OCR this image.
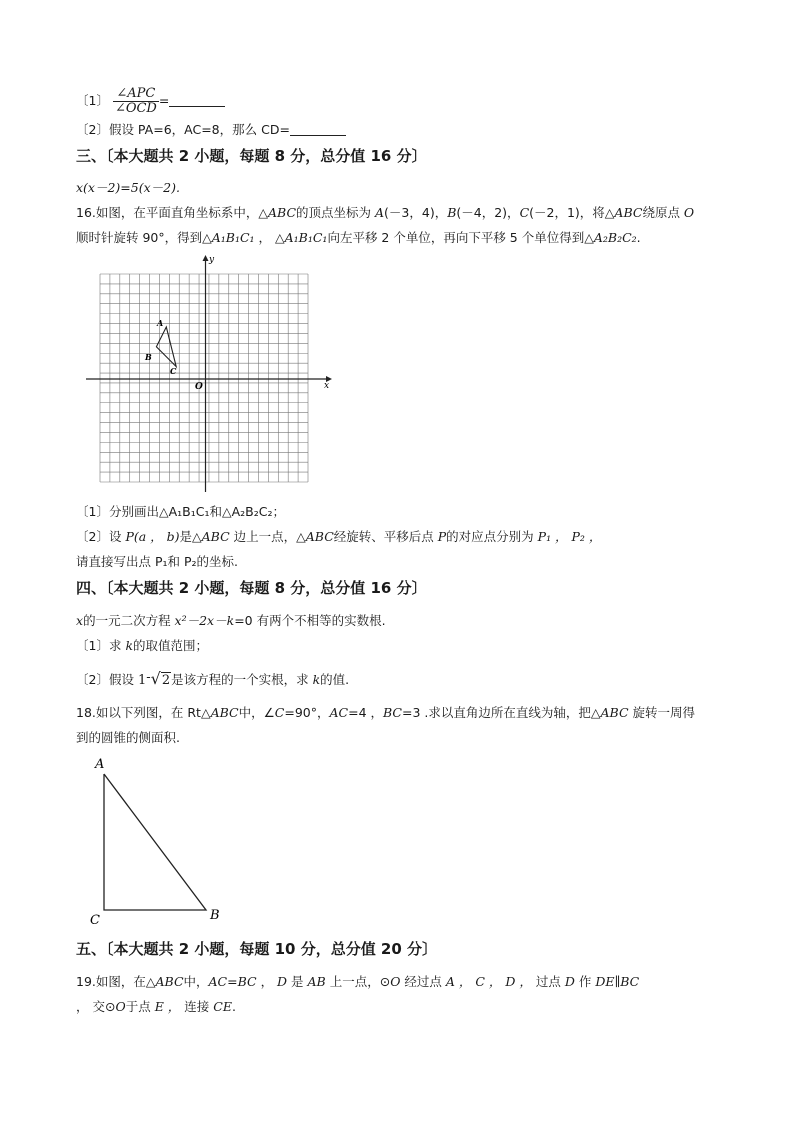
〔1〕 $\frac{\text{∠APC}}{\text{∠OCD}}$ =
〔2〕假设 PA=6，AC=8，那么 CD=
三、〔本大题共 2 小题，每题 8 分，总分值 16 分〕
x(x－2)=5(x－2).
16.如图，在平面直角坐标系中，△ABC的顶点坐标为 A(－3，4)，B(－4，2)，C(－2，1)，将△ABC绕原点 O
顺时针旋转 90°，得到△A₁B₁C₁ ， △A₁B₁C₁向左平移 2 个单位，再向下平移 5 个单位得到△A₂B₂C₂.
x
y
O
A
B
C
〔1〕分别画出△A₁B₁C₁和△A₂B₂C₂；
〔2〕设 P(a ， b)是△ABC 边上一点，△ABC经旋转、平移后点 P的对应点分别为 P₁ ， P₂ ，
请直接写出点 P₁和 P₂的坐标.
四、〔本大题共 2 小题，每题 8 分，总分值 16 分〕
x的一元二次方程 x²－2x－k=0 有两个不相等的实数根.
〔1〕求 k的取值范围；
〔2〕假设 1-√2是该方程的一个实根，求 k的值.
18.如以下列图，在 Rt△ABC中，∠C=90°，AC=4 ，BC=3 .求以直角边所在直线为轴，把△ABC 旋转一周得
到的圆锥的侧面积.
A
C	B
五、〔本大题共 2 小题，每题 10 分，总分值 20 分〕
19.如图，在△ABC中，AC=BC ， D 是 AB 上一点，⊙O 经过点 A ， C ， D ， 过点 D 作 DE∥BC
， 交⊙O于点 E ， 连接 CE.
